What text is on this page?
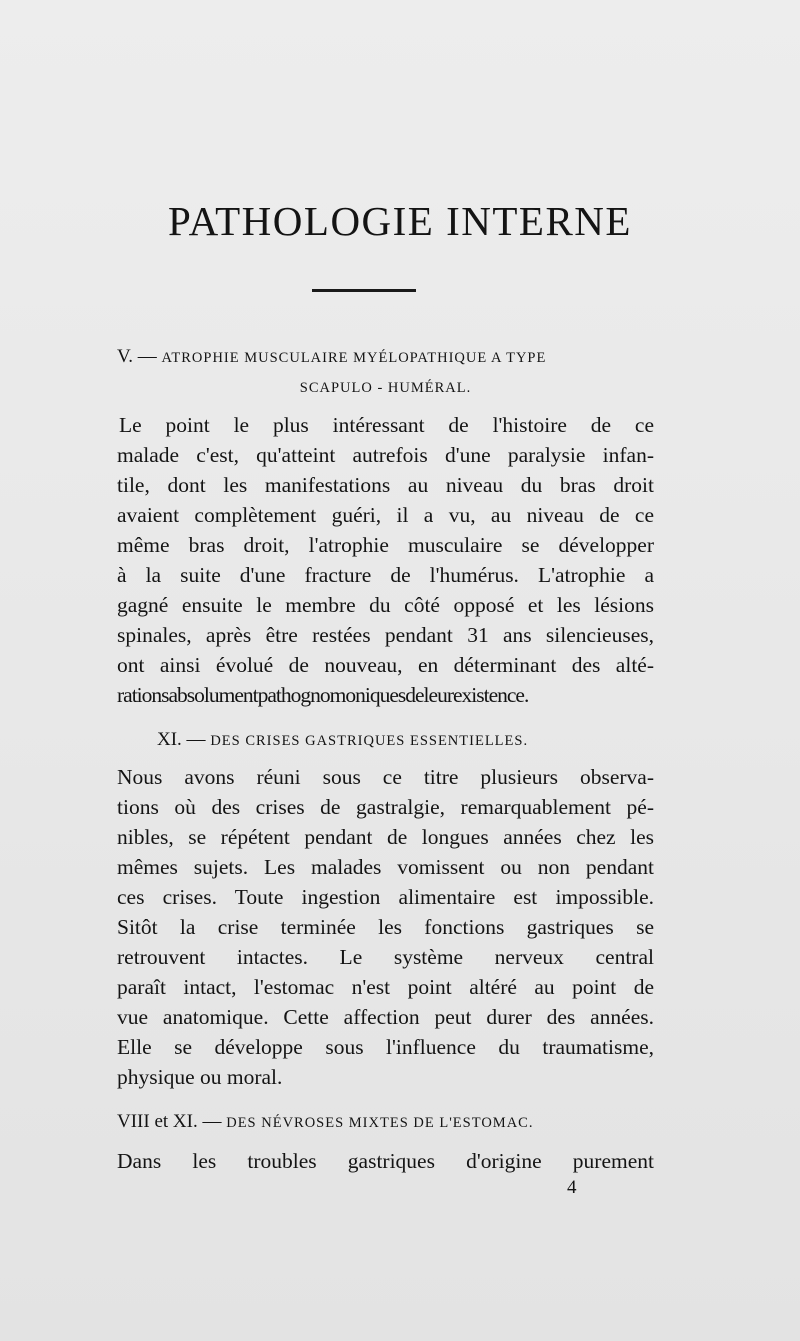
PATHOLOGIE INTERNE
V. — ATROPHIE MUSCULAIRE MYÉLOPATHIQUE A TYPE
SCAPULO - HUMÉRAL.
Le point le plus intéressant de l'histoire de ce
malade c'est, qu'atteint autrefois d'une paralysie infan-
tile, dont les manifestations au niveau du bras droit
avaient complètement guéri, il a vu, au niveau de ce
même bras droit, l'atrophie musculaire se développer
à la suite d'une fracture de l'humérus. L'atrophie a
gagné ensuite le membre du côté opposé et les lésions
spinales, après être restées pendant 31 ans silencieuses,
ont ainsi évolué de nouveau, en déterminant des alté-
rationsabsolumentpathognomoniquesdeleurexistence.
XI. — DES CRISES GASTRIQUES ESSENTIELLES.
Nous avons réuni sous ce titre plusieurs observa-
tions où des crises de gastralgie, remarquablement pé-
nibles, se répétent pendant de longues années chez les
mêmes sujets. Les malades vomissent ou non pendant
ces crises. Toute ingestion alimentaire est impossible.
Sitôt la crise terminée les fonctions gastriques se
retrouvent intactes. Le système nerveux central
paraît intact, l'estomac n'est point altéré au point de
vue anatomique. Cette affection peut durer des années.
Elle se développe sous l'influence du traumatisme,
physique ou moral.
VIII et XI. — DES NÉVROSES MIXTES DE L'ESTOMAC.
Dans les troubles gastriques d'origine purement
4
